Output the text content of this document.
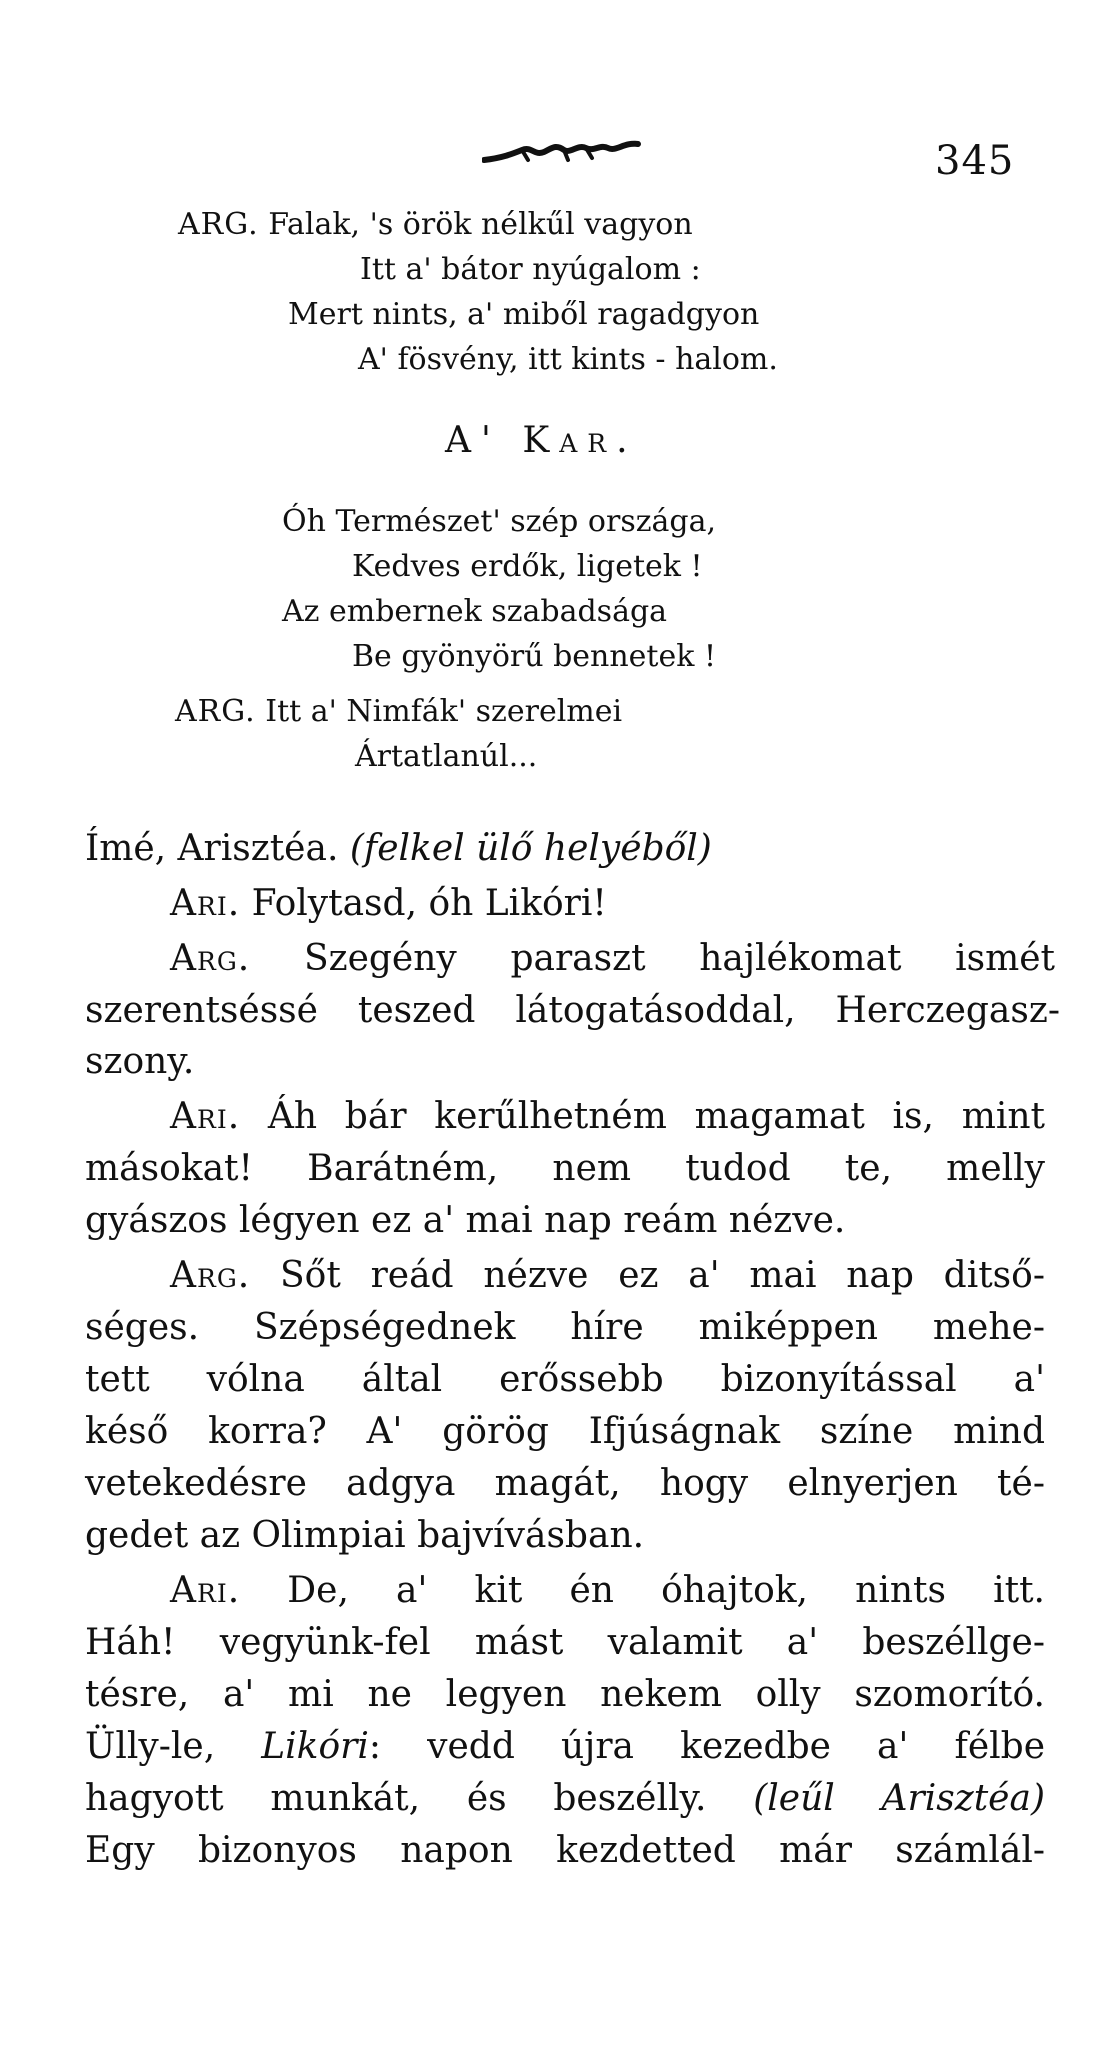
345
ARG. Falak, 's örök nélkűl vagyon
Itt a' bátor nyúgalom :
Mert nints, a' miből ragadgyon
A' fösvény, itt kints - halom.
A' Kar.
Óh Természet' szép országa,
Kedves erdők, ligetek !
Az embernek szabadsága
Be gyönyörű bennetek !
ARG. Itt a' Nimfák' szerelmei
Ártatlanúl...
Ímé, Arisztéa. (felkel ülő helyéből)
Ari. Folytasd, óh Likóri!
Arg. Szegény paraszt hajlékomat ismét
szerentséssé teszed látogatásoddal, Herczegasz-
szony.
Ari. Áh bár kerűlhetném magamat is, mint
másokat! Barátném, nem tudod te, melly
gyászos légyen ez a' mai nap reám nézve.
Arg. Sőt reád nézve ez a' mai nap ditső-
séges. Szépségednek híre miképpen mehe-
tett vólna által erőssebb bizonyítással a'
késő korra? A' görög Ifjúságnak színe mind
vetekedésre adgya magát, hogy elnyerjen té-
gedet az Olimpiai bajvívásban.
Ari. De, a' kit én óhajtok, nints itt.
Háh! vegyünk-fel mást valamit a' beszéllge-
tésre, a' mi ne legyen nekem olly szomorító.
Ülly-le, Likóri: vedd újra kezedbe a' félbe
hagyott munkát, és beszélly. (leűl Arisztéa)
Egy bizonyos napon kezdetted már számlál-
